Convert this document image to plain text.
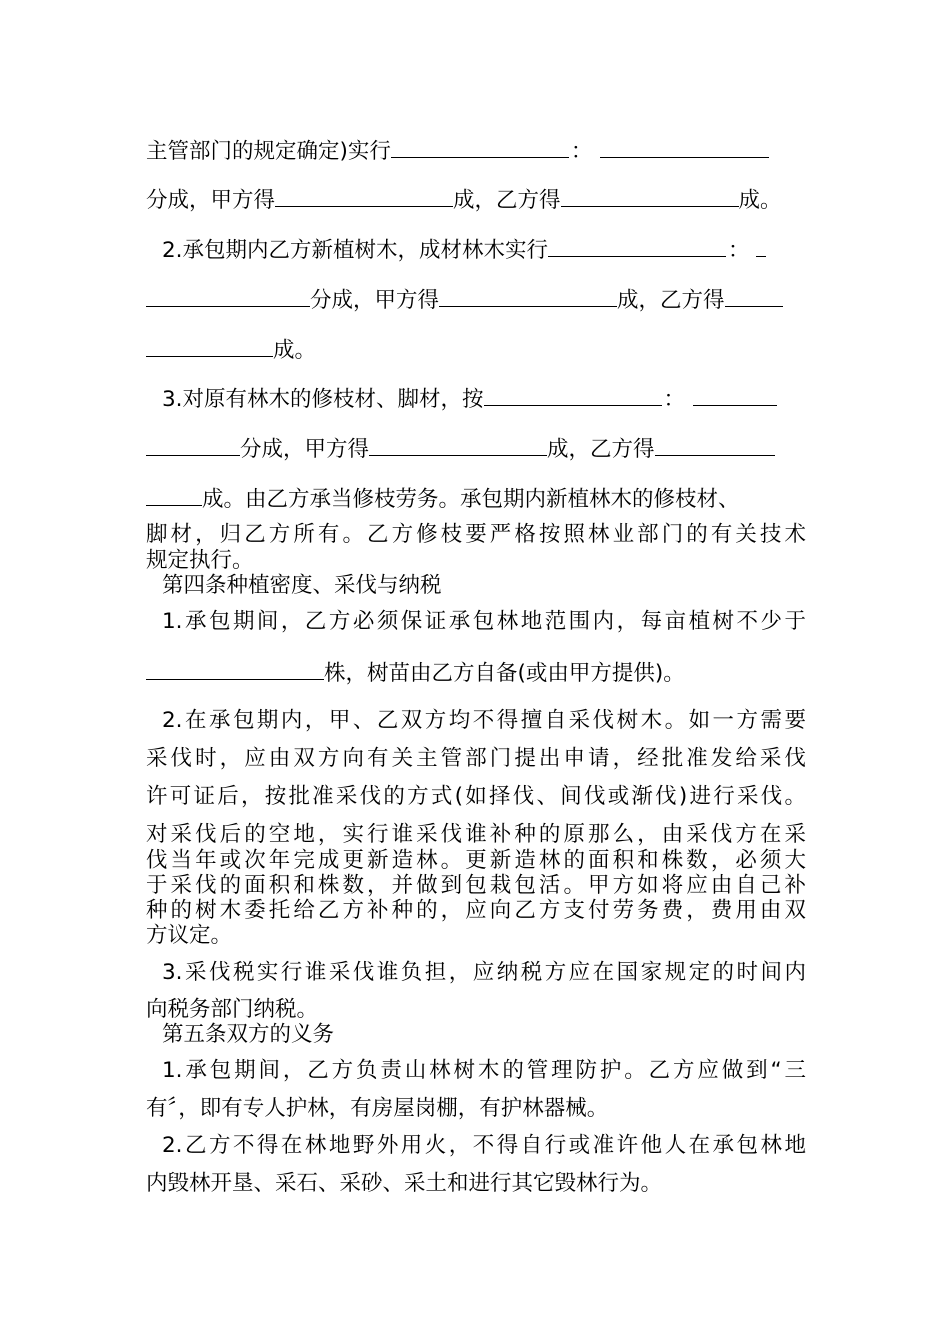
主管部门的规定确定)实行	：
分成，甲方得	成，乙方得	成。
2.承包期内乙方新植树木，成材林木实行	：
分成，甲方得	成，乙方得
成。
3.对原有林木的修枝材、脚材，按	：
分成，甲方得	成，乙方得
成。由乙方承当修枝劳务。承包期内新植林木的修枝材、
脚材，归乙方所有。乙方修枝要严格按照林业部门的有关技术
规定执行。
第四条种植密度、采伐与纳税
1.承包期间，乙方必须保证承包林地范围内，每亩植树不少于
株，树苗由乙方自备(或由甲方提供)。
2.在承包期内，甲、乙双方均不得擅自采伐树木。如一方需要
采伐时，应由双方向有关主管部门提出申请，经批准发给采伐
许可证后，按批准采伐的方式(如择伐、间伐或渐伐)进行采伐。
对采伐后的空地，实行谁采伐谁补种的原那么，由采伐方在采
伐当年或次年完成更新造林。更新造林的面积和株数，必须大
于采伐的面积和株数，并做到包栽包活。甲方如将应由自己补
种的树木委托给乙方补种的，应向乙方支付劳务费，费用由双
方议定。
3.采伐税实行谁采伐谁负担，应纳税方应在国家规定的时间内
向税务部门纳税。
第五条双方的义务
1.承包期间，乙方负责山林树木的管理防护。乙方应做到“三
有〞，即有专人护林，有房屋岗棚，有护林器械。
2.乙方不得在林地野外用火，不得自行或准许他人在承包林地
内毁林开垦、采石、采砂、采土和进行其它毁林行为。
